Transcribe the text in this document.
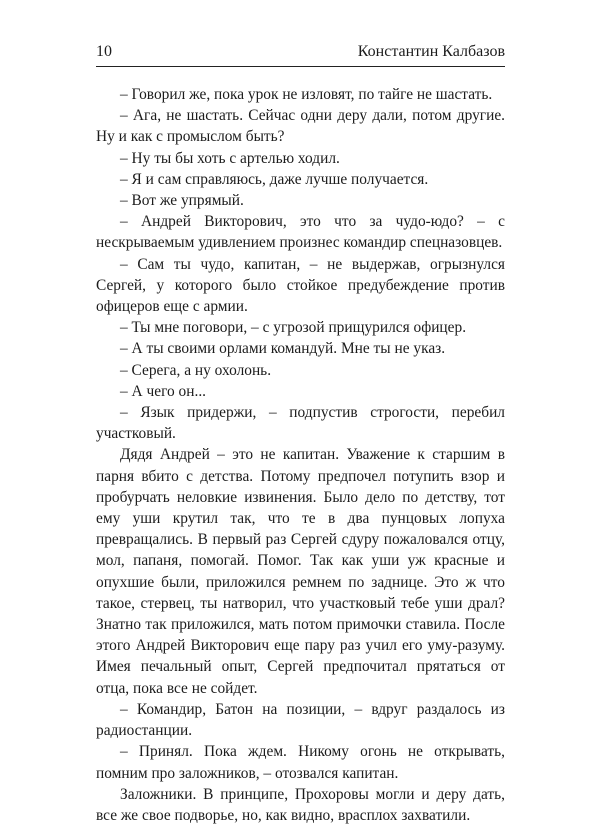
10	Константин Калбазов

– Говорил же, пока урок не изловят, по тайге не шастать.

– Ага, не шастать. Сейчас одни деру дали, потом другие. Ну и как с промыслом быть?

– Ну ты бы хоть с артелью ходил.

– Я и сам справляюсь, даже лучше получается.

– Вот же упрямый.

– Андрей Викторович, это что за чудо-юдо? – с нескрываемым удивлением произнес командир спецназовцев.

– Сам ты чудо, капитан, – не выдержав, огрызнулся Сергей, у которого было стойкое предубеждение против офицеров еще с армии.

– Ты мне поговори, – с угрозой прищурился офицер.

– А ты своими орлами командуй. Мне ты не указ.

– Серега, а ну охолонь.

– А чего он...

– Язык придержи, – подпустив строгости, перебил участковый.

Дядя Андрей – это не капитан. Уважение к старшим в парня вбито с детства. Потому предпочел потупить взор и пробурчать неловкие извинения. Было дело по детству, тот ему уши крутил так, что те в два пунцовых лопуха превращались. В первый раз Сергей сдуру пожаловался отцу, мол, папаня, помогай. Помог. Так как уши уж красные и опухшие были, приложился ремнем по заднице. Это ж что такое, стервец, ты натворил, что участковый тебе уши драл? Знатно так приложился, мать потом примочки ставила. После этого Андрей Викторович еще пару раз учил его уму-разуму. Имея печальный опыт, Сергей предпочитал прятаться от отца, пока все не сойдет.

– Командир, Батон на позиции, – вдруг раздалось из радиостанции.

– Принял. Пока ждем. Никому огонь не открывать, помним про заложников, – отозвался капитан.

Заложники. В принципе, Прохоровы могли и деру дать, все же свое подворье, но, как видно, врасплох захватили.
